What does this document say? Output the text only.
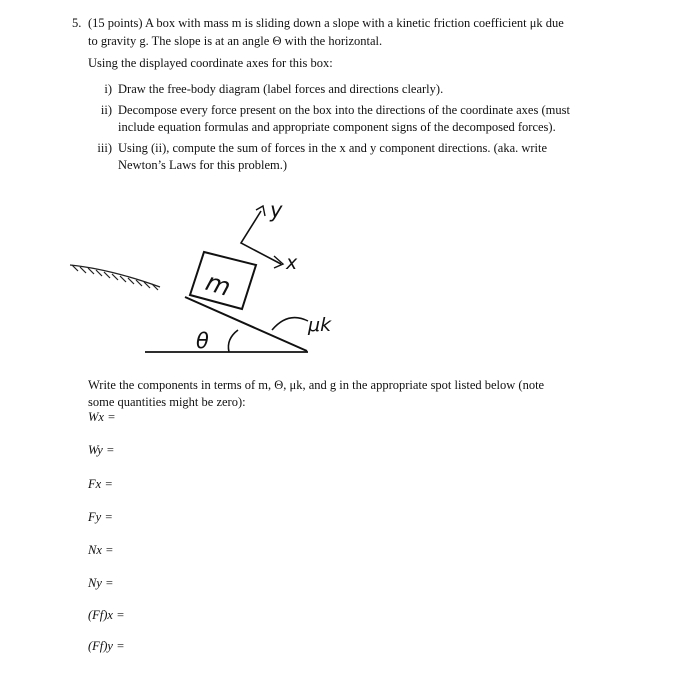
5. (15 points) A box with mass m is sliding down a slope with a kinetic friction coefficient μk due
to gravity g. The slope is at an angle Θ with the horizontal.
Using the displayed coordinate axes for this box:
i) Draw the free-body diagram (label forces and directions clearly).
ii) Decompose every force present on the box into the directions of the coordinate axes (must
include equation formulas and appropriate component signs of the decomposed forces).
iii) Using (ii), compute the sum of forces in the x and y component directions. (aka. write
Newton’s Laws for this problem.)
y
x
m
θ
μk
Write the components in terms of m, Θ, μk, and g in the appropriate spot listed below (note
some quantities might be zero):
Wx =
Wy =
Fx =
Fy =
Nx =
Ny =
(Ff)x =
(Ff)y =
